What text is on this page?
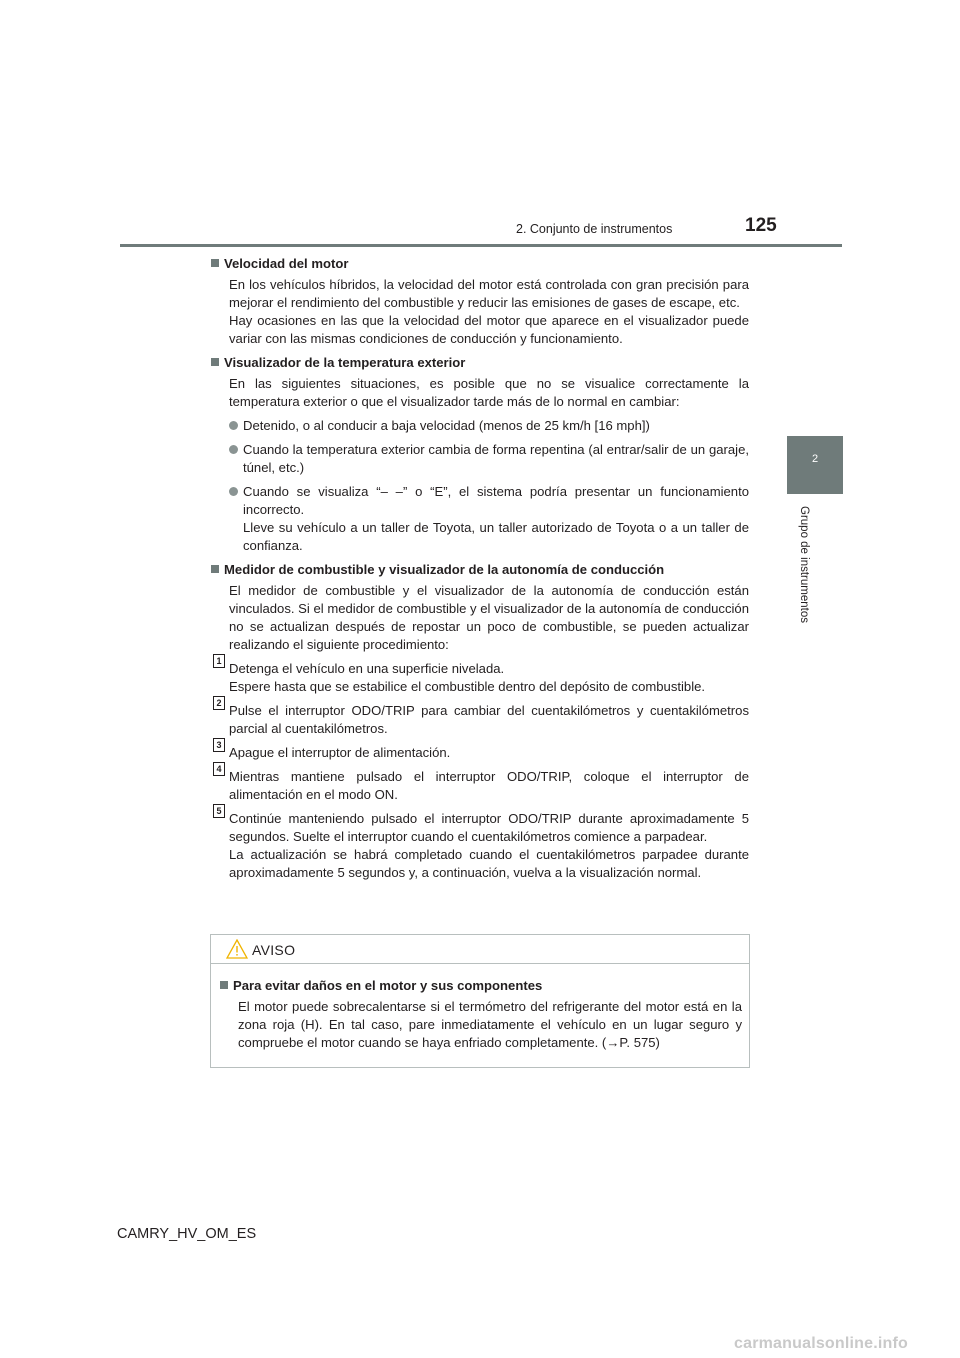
2. Conjunto de instrumentos	125
2
Grupo de instrumentos
Velocidad del motor
En los vehículos híbridos, la velocidad del motor está controlada con gran precisión para mejorar el rendimiento del combustible y reducir las emisiones de gases de escape, etc.
Hay ocasiones en las que la velocidad del motor que aparece en el visualizador puede variar con las mismas condiciones de conducción y funcionamiento.
Visualizador de la temperatura exterior
En las siguientes situaciones, es posible que no se visualice correctamente la temperatura exterior o que el visualizador tarde más de lo normal en cambiar:
Detenido, o al conducir a baja velocidad (menos de 25 km/h [16 mph])
Cuando la temperatura exterior cambia de forma repentina (al entrar/salir de un garaje, túnel, etc.)
Cuando se visualiza “– –” o “E”, el sistema podría presentar un funcionamiento incorrecto.
Lleve su vehículo a un taller de Toyota, un taller autorizado de Toyota o a un taller de confianza.
Medidor de combustible y visualizador de la autonomía de conducción
El medidor de combustible y el visualizador de la autonomía de conducción están vinculados. Si el medidor de combustible y el visualizador de la autonomía de conducción no se actualizan después de repostar un poco de combustible, se pueden actualizar realizando el siguiente procedimiento:
1 Detenga el vehículo en una superficie nivelada.
Espere hasta que se estabilice el combustible dentro del depósito de combustible.
2 Pulse el interruptor ODO/TRIP para cambiar del cuentakilómetros y cuentakilómetros parcial al cuentakilómetros.
3 Apague el interruptor de alimentación.
4 Mientras mantiene pulsado el interruptor ODO/TRIP, coloque el interruptor de alimentación en el modo ON.
5 Continúe manteniendo pulsado el interruptor ODO/TRIP durante aproximadamente 5 segundos. Suelte el interruptor cuando el cuentakilómetros comience a parpadear.
La actualización se habrá completado cuando el cuentakilómetros parpadee durante aproximadamente 5 segundos y, a continuación, vuelva a la visualización normal.
AVISO
Para evitar daños en el motor y sus componentes
El motor puede sobrecalentarse si el termómetro del refrigerante del motor está en la zona roja (H). En tal caso, pare inmediatamente el vehículo en un lugar seguro y compruebe el motor cuando se haya enfriado completamente. (→P. 575)
CAMRY_HV_OM_ES
carmanualsonline.info
